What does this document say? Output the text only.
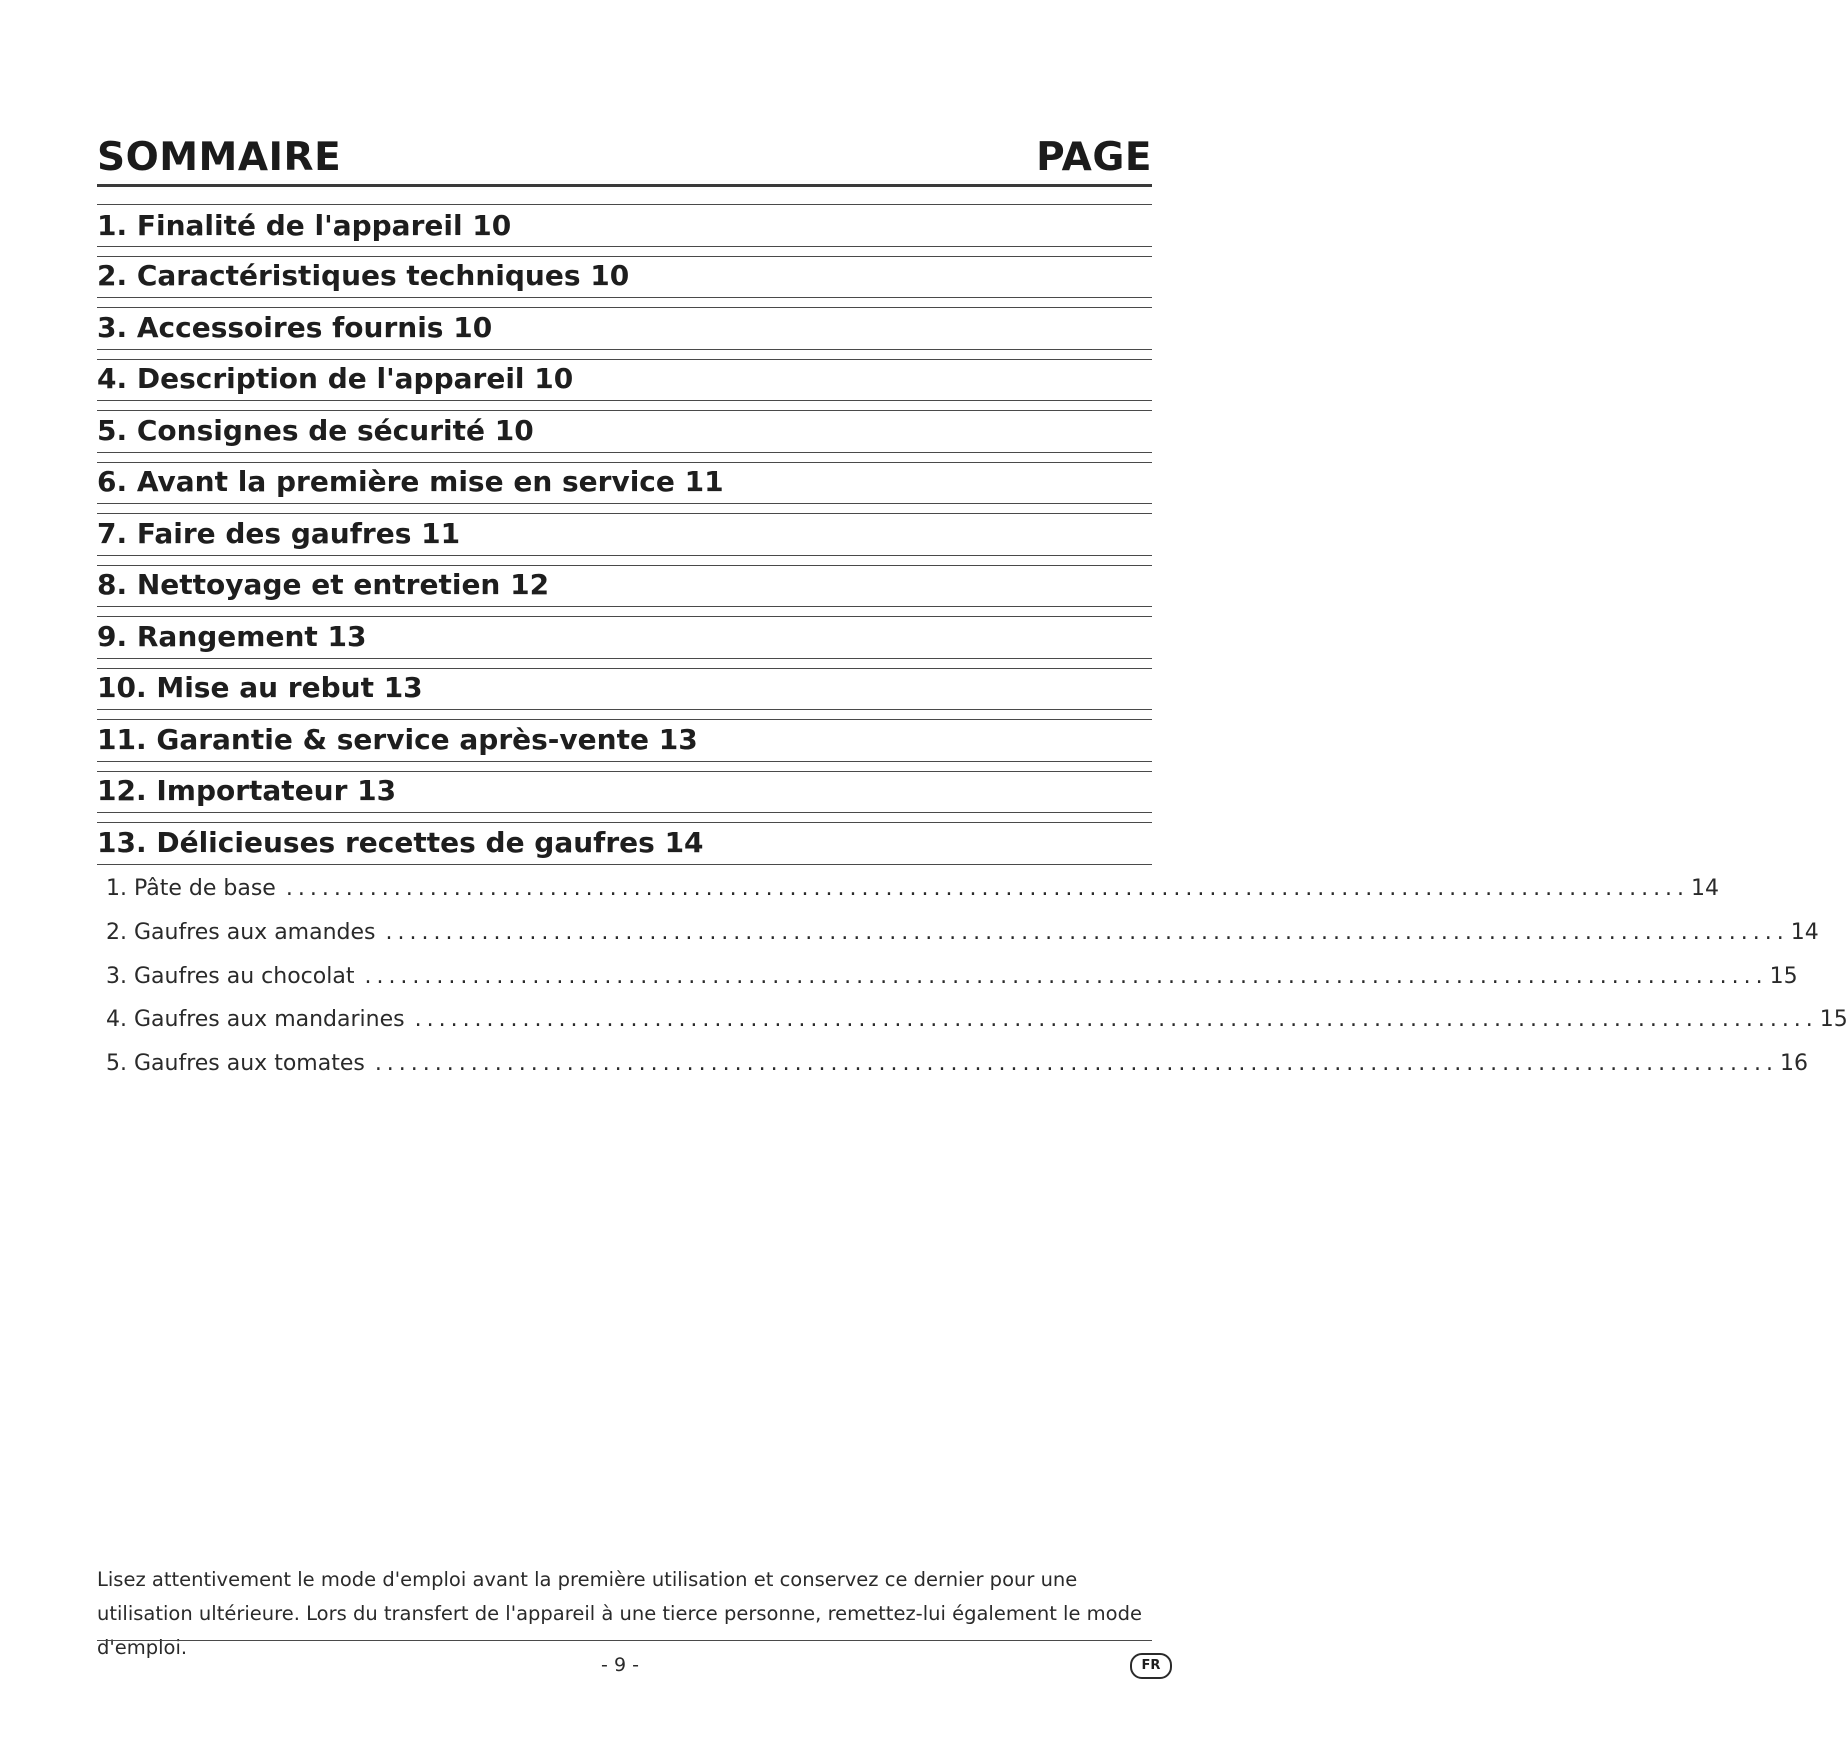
SOMMAIRE	PAGE
1. Finalité de l'appareil 10
2. Caractéristiques techniques 10
3. Accessoires fournis 10
4. Description de l'appareil 10
5. Consignes de sécurité 10
6. Avant la première mise en service 11
7. Faire des gaufres 11
8. Nettoyage et entretien 12
9. Rangement 13
10. Mise au rebut 13
11. Garantie & service après-vente 13
12. Importateur 13
13. Délicieuses recettes de gaufres 14
1. Pâte de base ..................................................................................................................... 14
2. Gaufres aux amandes ..................................................................................................................... 14
3. Gaufres au chocolat ..................................................................................................................... 15
4. Gaufres aux mandarines ..................................................................................................................... 15
5. Gaufres aux tomates ..................................................................................................................... 16
Lisez attentivement le mode d'emploi avant la première utilisation et conservez ce dernier pour une utilisation ultérieure. Lors du transfert de l'appareil à une tierce personne, remettez-lui également le mode d'emploi.
- 9 -	FR
